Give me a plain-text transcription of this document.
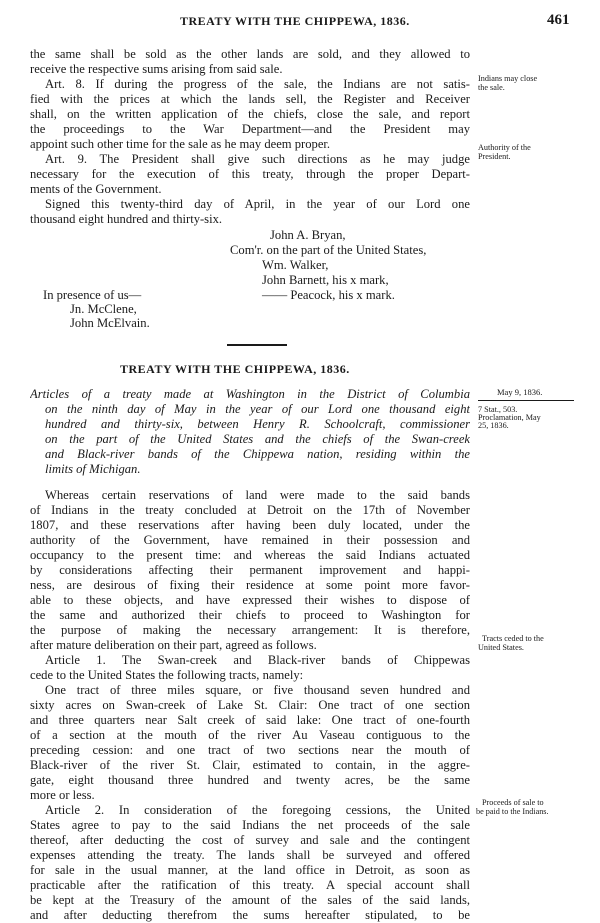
TREATY WITH THE CHIPPEWA, 1836.	461
the same shall be sold as the other lands are sold, and they allowed to
receive the respective sums arising from said sale.
Art. 8. If during the progress of the sale, the Indians are not satis-
fied with the prices at which the lands sell, the Register and Receiver
shall, on the written application of the chiefs, close the sale, and report
the proceedings to the War Department—and the President may
appoint such other time for the sale as he may deem proper.
Art. 9. The President shall give such directions as he may judge
necessary for the execution of this treaty, through the proper Depart-
ments of the Government.
Signed this twenty-third day of April, in the year of our Lord one
thousand eight hundred and thirty-six.
Indians may close
the sale.
Authority of the
President.
John A. Bryan,
Com'r. on the part of the United States,
Wm. Walker,
John Barnett, his x mark,
—— Peacock, his x mark.
In presence of us—
Jn. McClene,
John McElvain.
TREATY WITH THE CHIPPEWA, 1836.
Articles of a treaty made at Washington in the District of Columbia
on the ninth day of May in the year of our Lord one thousand eight
hundred and thirty-six, between Henry R. Schoolcraft, commissioner
on the part of the United States and the chiefs of the Swan-creek
and Black-river bands of the Chippewa nation, residing within the
limits of Michigan.
May 9, 1836.
7 Stat., 503.
Proclamation, May
25, 1836.
Whereas certain reservations of land were made to the said bands
of Indians in the treaty concluded at Detroit on the 17th of November
1807, and these reservations after having been duly located, under the
authority of the Government, have remained in their possession and
occupancy to the present time: and whereas the said Indians actuated
by considerations affecting their permanent improvement and happi-
ness, are desirous of fixing their residence at some point more favor-
able to these objects, and have expressed their wishes to dispose of
the same and authorized their chiefs to proceed to Washington for
the purpose of making the necessary arrangement: It is therefore,
after mature deliberation on their part, agreed as follows.
Article 1. The Swan-creek and Black-river bands of Chippewas
cede to the United States the following tracts, namely:
One tract of three miles square, or five thousand seven hundred and
sixty acres on Swan-creek of Lake St. Clair: One tract of one section
and three quarters near Salt creek of said lake: One tract of one-fourth
of a section at the mouth of the river Au Vaseau contiguous to the
preceding cession: and one tract of two sections near the mouth of
Black-river of the river St. Clair, estimated to contain, in the aggre-
gate, eight thousand three hundred and twenty acres, be the same
more or less.
Article 2. In consideration of the foregoing cessions, the United
States agree to pay to the said Indians the net proceeds of the sale
thereof, after deducting the cost of survey and sale and the contingent
expenses attending the treaty. The lands shall be surveyed and offered
for sale in the usual manner, at the land office in Detroit, as soon as
practicable after the ratification of this treaty. A special account shall
be kept at the Treasury of the amount of the sales of the said lands,
and after deducting therefrom the sums hereafter stipulated, to be
Tracts ceded to the
United States.
Proceeds of sale to
be paid to the Indians.
